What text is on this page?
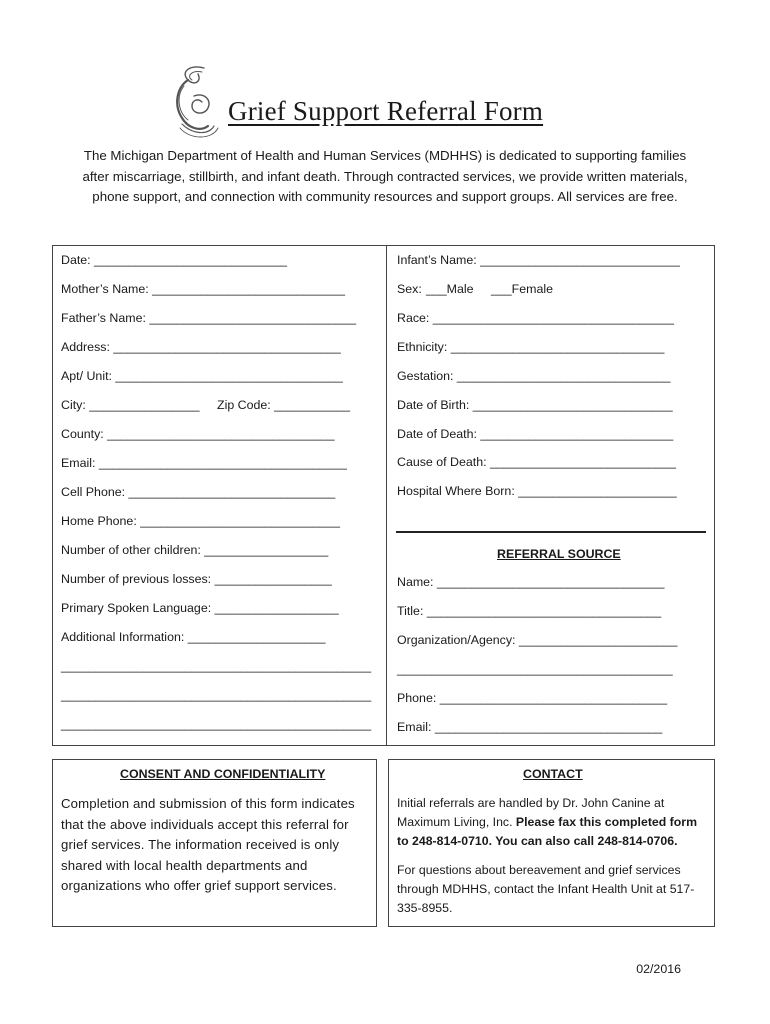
Grief Support Referral Form
The Michigan Department of Health and Human Services (MDHHS) is dedicated to supporting families after miscarriage, stillbirth, and infant death. Through contracted services, we provide written materials, phone support, and connection with community resources and support groups. All services are free.
Date: ____________________________
Mother’s Name: ____________________________
Father’s Name: ______________________________
Address: _________________________________
Apt/ Unit: _________________________________
City: ________________ Zip Code: ___________
County: _________________________________
Email: ____________________________________
Cell Phone: ______________________________
Home Phone: _____________________________
Number of other children: __________________
Number of previous losses: _________________
Primary Spoken Language: __________________
Additional Information: ____________________
_____________________________________________
_____________________________________________
_____________________________________________
Infant’s Name: _____________________________
Sex: ___Male ___Female
Race: ___________________________________
Ethnicity: _______________________________
Gestation: _______________________________
Date of Birth: _____________________________
Date of Death: ____________________________
Cause of Death: ___________________________
Hospital Where Born: _______________________
REFERRAL SOURCE
Name: _________________________________
Title: __________________________________
Organization/Agency: _______________________
________________________________________
Phone: _________________________________
Email: _________________________________
CONSENT AND CONFIDENTIALITY
Completion and submission of this form indicates that the above individuals accept this referral for grief services. The information received is only shared with local health departments and organizations who offer grief support services.
CONTACT
Initial referrals are handled by Dr. John Canine at Maximum Living, Inc. Please fax this completed form to 248-814-0710. You can also call 248-814-0706.
For questions about bereavement and grief services through MDHHS, contact the Infant Health Unit at 517-335-8955.
02/2016
